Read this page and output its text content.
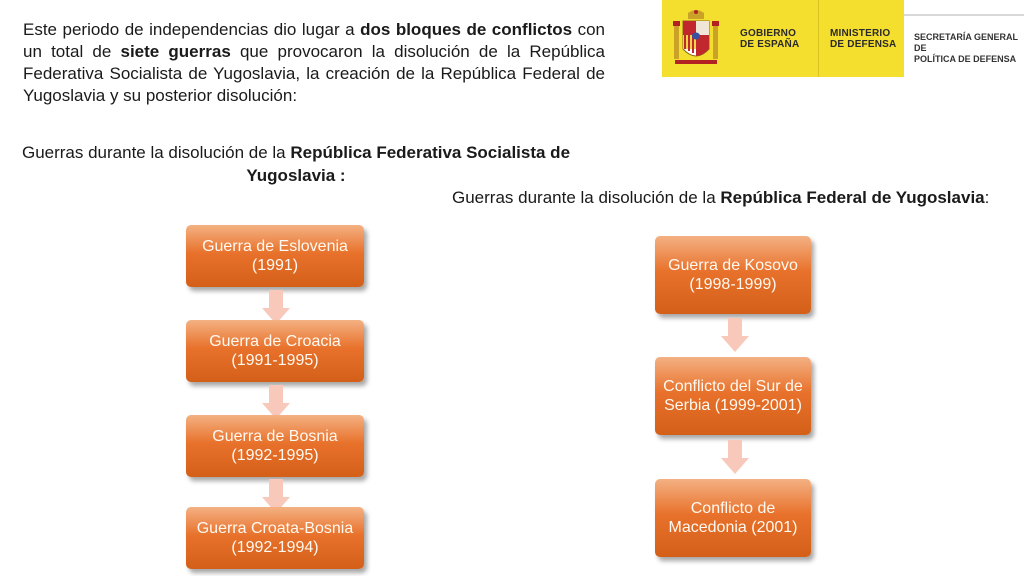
Este periodo de independencias dio lugar a dos bloques de conflictos con un total de siete guerras que provocaron la disolución de la República Federativa Socialista de Yugoslavia, la creación de la República Federal de Yugoslavia y su posterior disolución:
GOBIERNO
DE ESPAÑA
MINISTERIO
DE DEFENSA
SECRETARÍA GENERAL DE
POLÍTICA DE DEFENSA
Guerras durante la disolución de la República Federativa Socialista de Yugoslavia :
Guerras durante la disolución de la República Federal de Yugoslavia:
Guerra de Eslovenia (1991)
Guerra de Croacia (1991-1995)
Guerra de Bosnia (1992-1995)
Guerra Croata-Bosnia (1992-1994)
Guerra de Kosovo (1998-1999)
Conflicto del Sur de Serbia (1999-2001)
Conflicto de Macedonia (2001)
